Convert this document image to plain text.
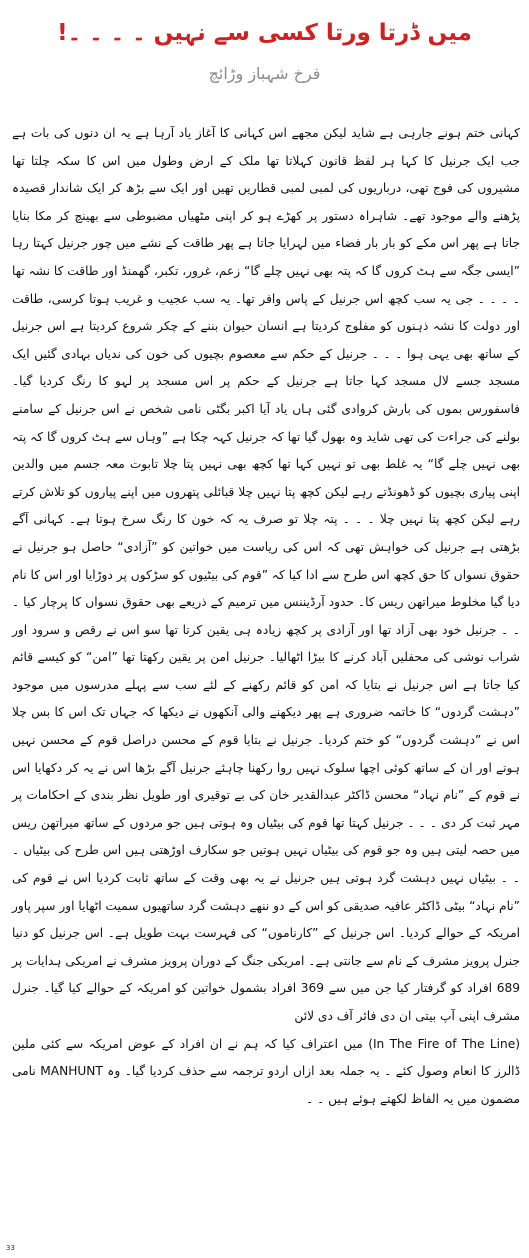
میں ڈرتا ورتا کسی سے نہیں ۔ ۔ ۔ ۔!
فرخ شہباز وڑائچ

کہانی ختم ہونے جارہی ہے شاید لیکن مجھے اس کہانی کا آغاز یاد آرہا ہے یہ ان دنوں کی بات ہے جب ایک جرنیل کا کہا ہر لفظ قانون کہلاتا تھا ملک کے ارض وطول میں اس کا سکہ چلتا تھا مشیروں کی فوج تھی، درباریوں کی لمبی لمبی قطاریں تھیں اور ایک سے بڑھ کر ایک شاندار قصیدہ پڑھنے والے موجود تھے۔ شاہراہ دستور پر کھڑے ہو کر اپنی مٹھیاں مضبوطی سے بھینچ کر مکا بنایا جاتا ہے پھر اس مکے کو بار بار فضاء میں لہرایا جاتا ہے پھر طاقت کے نشے میں چور جرنیل کہتا رہا ”ایسی جگہ سے ہٹ کروں گا کہ پتہ بھی نہیں چلے گا“ زعم، غرور، تکبر، گھمنڈ اور طاقت کا نشہ تھا ۔ ۔ ۔ ۔ جی یہ سب کچھ اس جرنیل کے پاس وافر تھا۔ یہ سب عجیب و غریب ہوتا کرسی، طاقت اور دولت کا نشہ ذہنوں کو مفلوج کردیتا ہے انسان حیوان بننے کے چکر شروع کردیتا ہے اس جرنیل کے ساتھ بھی یہی ہوا ۔ ۔ ۔ جرنیل کے حکم سے معصوم بچیوں کی خون کی ندیاں بہادی گئیں ایک مسجد جسے لال مسجد کہا جاتا ہے جرنیل کے حکم پر اس مسجد پر لہو کا رنگ کردیا گیا۔ فاسفورس بموں کی بارش کروادی گئی ہاں یاد آیا اکبر بگٹی نامی شخص نے اس جرنیل کے سامنے بولنے کی جراءت کی تھی شاید وہ بھول گیا تھا کہ جرنیل کہہ چکا ہے ”وہاں سے ہٹ کروں گا کہ پتہ بھی نہیں چلے گا“ یہ غلط بھی تو نہیں کہا تھا کچھ بھی نہیں پتا چلا تابوت معہ جسم میں والدین اپنی پیاری بچیوں کو ڈھونڈتے رہے لیکن کچھ پتا نہیں چلا قبائلی پتھروں میں اپنے پیاروں کو تلاش کرتے رہے لیکن کچھ پتا نہیں چلا ۔ ۔ ۔ پتہ چلا تو صرف یہ کہ خون کا رنگ سرخ ہوتا ہے۔ کہانی آگے بڑھتی ہے جرنیل کی خواہش تھی کہ اس کی ریاست میں خواتین کو ”آزادی“ حاصل ہو جرنیل نے حقوق نسواں کا حق کچھ اس طرح سے ادا کیا کہ ”قوم کی بیٹیوں کو سڑکوں پر دوڑایا اور اس کا نام دیا گیا مخلوط میراتھن ریس کا۔ حدود آرڈیننس میں ترمیم کے ذریعے بھی حقوق نسواں کا پرچار کیا ۔ ۔ ۔ جرنیل خود بھی آزاد تھا اور آزادی پر کچھ زیادہ ہی یقین کرتا تھا سو اس نے رقص و سرود اور شراب نوشی کی محفلیں آباد کرنے کا بیڑا اٹھالیا۔ جرنیل امن پر یقین رکھتا تھا ”امن“ کو کیسے قائم کیا جاتا ہے اس جرنیل نے بتایا کہ امن کو قائم رکھنے کے لئے سب سے پہلے مدرسوں میں موجود ”دہشت گردوں“ کا خاتمہ ضروری ہے پھر دیکھنے والی آنکھوں نے دیکھا کہ جہاں تک اس کا بس چلا اس نے ”دہشت گردوں“ کو ختم کردیا۔ جرنیل نے بتایا قوم کے محسن دراصل قوم کے محسن نہیں ہوتے اور ان کے ساتھ کوئی اچھا سلوک نہیں روا رکھنا چاہئے جرنیل آگے بڑھا اس نے یہ کر دکھایا اس نے قوم کے ”نام نہاد“ محسن ڈاکٹر عبدالقدیر خان کی بے توقیری اور طویل نظر بندی کے احکامات پر مہر ثبت کر دی ۔ ۔ ۔ جرنیل کہتا تھا قوم کی بیٹیاں وہ ہوتی ہیں جو مردوں کے ساتھ میراتھن ریس میں حصہ لیتی ہیں وہ جو قوم کی بیٹیاں نہیں ہوتیں جو سکارف اوڑھتی ہیں اس طرح کی بیٹیاں ۔ ۔ ۔ بیٹیاں نہیں دہشت گرد ہوتی ہیں جرنیل نے یہ بھی وقت کے ساتھ ثابت کردیا اس نے قوم کی ”نام نہاد“ بیٹی ڈاکٹر عافیہ صدیقی کو اس کے دو ننھے دہشت گرد ساتھیوں سمیت اٹھایا اور سپر پاور امریکہ کے حوالے کردیا۔ اس جرنیل کے ”کارناموں“ کی فہرست بہت طویل ہے۔ اس جرنیل کو دنیا جنرل پرویز مشرف کے نام سے جانتی ہے۔ امریکی جنگ کے دوران پرویز مشرف نے امریکی ہدایات پر 689 افراد کو گرفتار کیا جن میں سے 369 افراد بشمول خواتین کو امریکہ کے حوالے کیا گیا۔ جنرل مشرف اپنی آپ بیتی ان دی فائر آف دی لائن

(In The Fire of The Line) میں اعتراف کیا کہ ہم نے ان افراد کے عوض امریکہ سے کئی ملین ڈالرز کا انعام وصول کئے ۔ یہ جملہ بعد ازاں اردو ترجمہ سے حذف کردیا گیا۔ وہ MANHUNT نامی مضمون میں یہ الفاظ لکھتے ہوئے ہیں ۔ ۔

33
